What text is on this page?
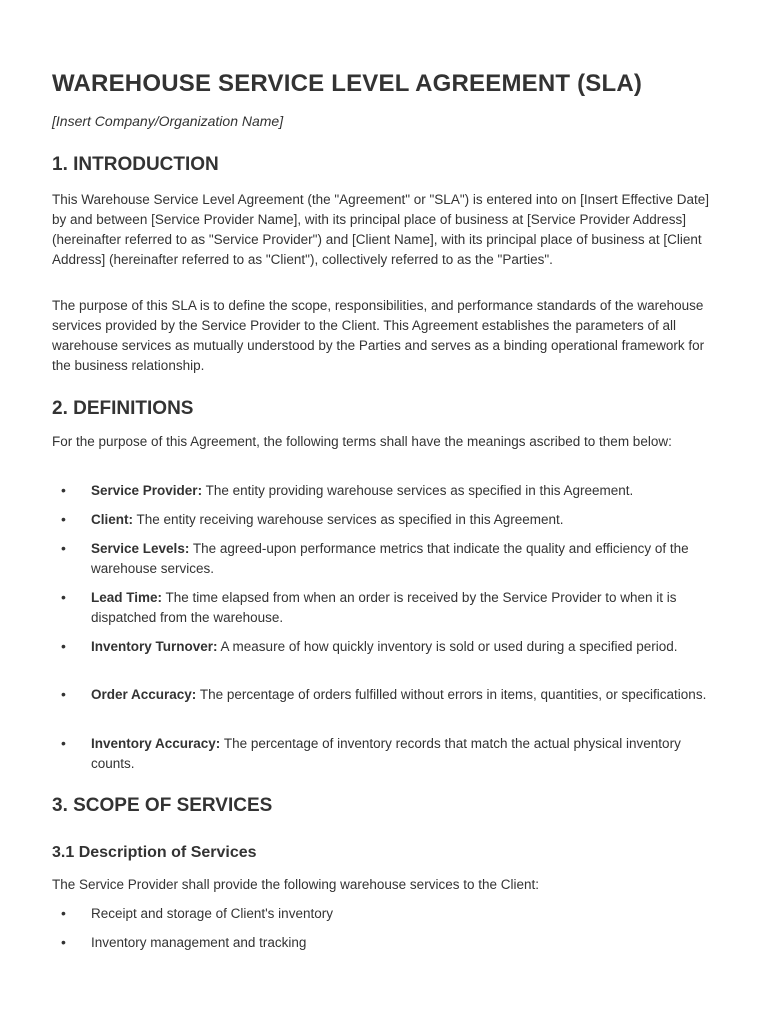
WAREHOUSE SERVICE LEVEL AGREEMENT (SLA)

[Insert Company/Organization Name]

1. INTRODUCTION

This Warehouse Service Level Agreement (the "Agreement" or "SLA") is entered into on [Insert Effective Date] by and between [Service Provider Name], with its principal place of business at [Service Provider Address] (hereinafter referred to as "Service Provider") and [Client Name], with its principal place of business at [Client Address] (hereinafter referred to as "Client"), collectively referred to as the "Parties".

The purpose of this SLA is to define the scope, responsibilities, and performance standards of the warehouse services provided by the Service Provider to the Client. This Agreement establishes the parameters of all warehouse services as mutually understood by the Parties and serves as a binding operational framework for the business relationship.

2. DEFINITIONS

For the purpose of this Agreement, the following terms shall have the meanings ascribed to them below:

• Service Provider: The entity providing warehouse services as specified in this Agreement.
• Client: The entity receiving warehouse services as specified in this Agreement.
• Service Levels: The agreed-upon performance metrics that indicate the quality and efficiency of the warehouse services.
• Lead Time: The time elapsed from when an order is received by the Service Provider to when it is dispatched from the warehouse.
• Inventory Turnover: A measure of how quickly inventory is sold or used during a specified period.
• Order Accuracy: The percentage of orders fulfilled without errors in items, quantities, or specifications.
• Inventory Accuracy: The percentage of inventory records that match the actual physical inventory counts.
3. SCOPE OF SERVICES
3.1 Description of Services

The Service Provider shall provide the following warehouse services to the Client:

• Receipt and storage of Client's inventory
• Inventory management and tracking
